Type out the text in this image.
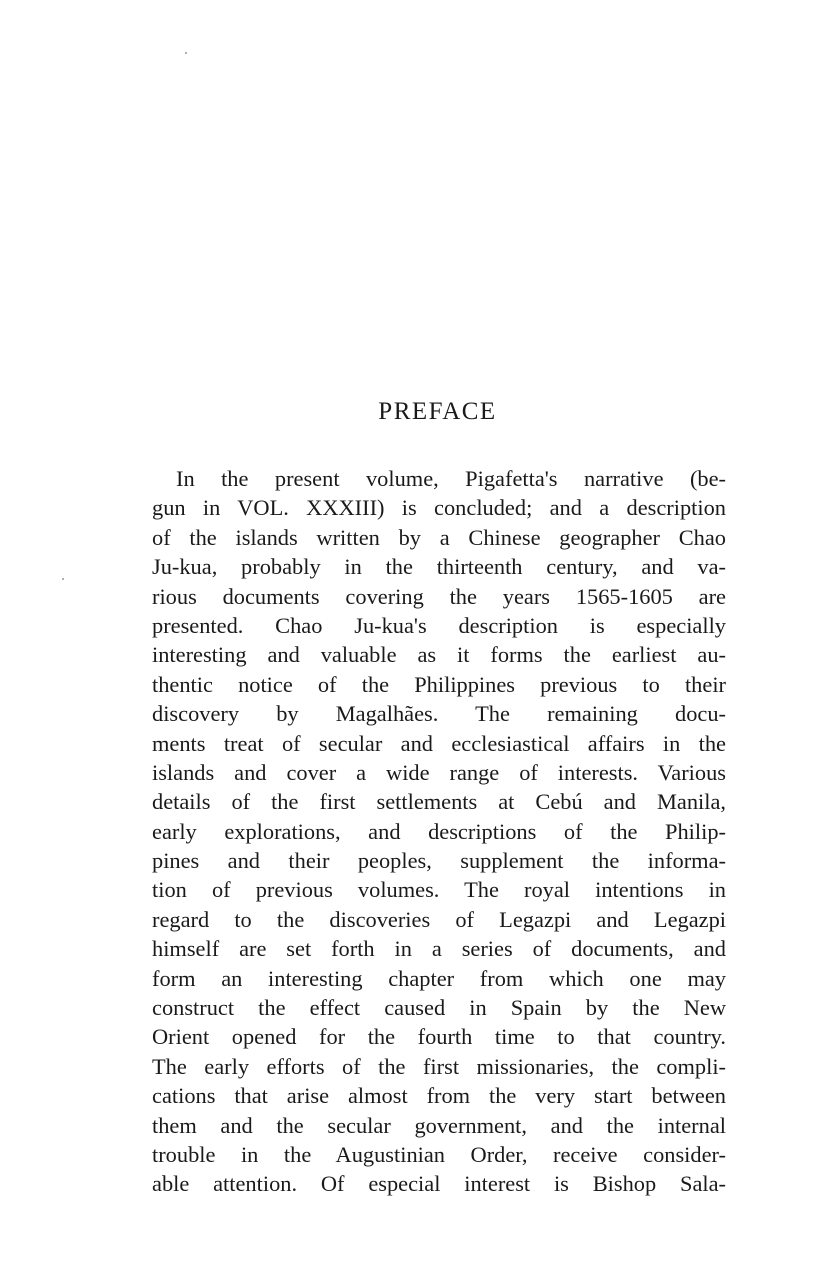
PREFACE
In the present volume, Pigafetta's narrative (be-
gun in VOL. XXXIII) is concluded; and a description
of the islands written by a Chinese geographer Chao
Ju-kua, probably in the thirteenth century, and va-
rious documents covering the years 1565-1605 are
presented. Chao Ju-kua's description is especially
interesting and valuable as it forms the earliest au-
thentic notice of the Philippines previous to their
discovery by Magalhães. The remaining docu-
ments treat of secular and ecclesiastical affairs in the
islands and cover a wide range of interests. Various
details of the first settlements at Cebú and Manila,
early explorations, and descriptions of the Philip-
pines and their peoples, supplement the informa-
tion of previous volumes. The royal intentions in
regard to the discoveries of Legazpi and Legazpi
himself are set forth in a series of documents, and
form an interesting chapter from which one may
construct the effect caused in Spain by the New
Orient opened for the fourth time to that country.
The early efforts of the first missionaries, the compli-
cations that arise almost from the very start between
them and the secular government, and the internal
trouble in the Augustinian Order, receive consider-
able attention. Of especial interest is Bishop Sala-
